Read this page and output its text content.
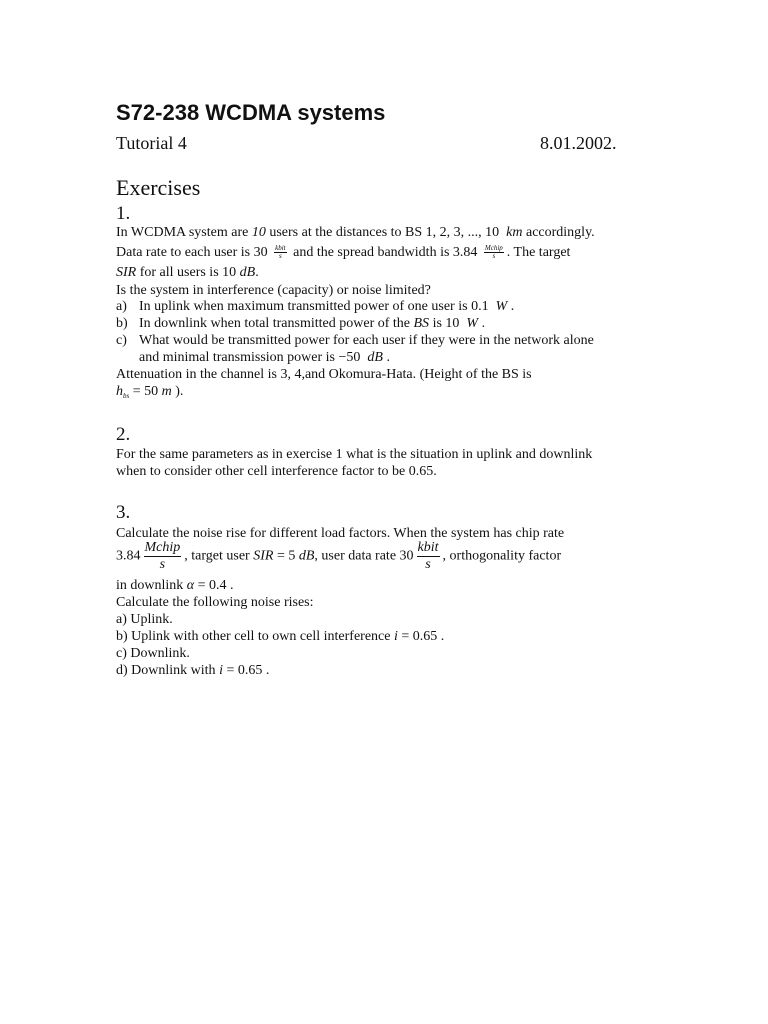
S72-238 WCDMA systems
Tutorial 4	8.01.2002.
Exercises
1.
In WCDMA system are 10 users at the distances to BS 1, 2, 3, ..., 10 km accordingly.
Data rate to each user is $30 \frac{\text{kbit}}{s}$ and the spread bandwidth is $3.84 \frac{\text{Mchip}}{s}$ . The target
SIR for all users is 10 dB.
Is the system in interference (capacity) or noise limited?
a) In uplink when maximum transmitted power of one user is 0.1 W .
b) In downlink when total transmitted power of the BS is 10 W .
c) What would be transmitted power for each user if they were in the network alone
and minimal transmission power is −50 dB .
Attenuation in the channel is 3, 4,and Okomura-Hata. (Height of the BS is
$h_{bs} = 50$ m ).
2.
For the same parameters as in exercise 1 what is the situation in uplink and downlink
when to consider other cell interference factor to be 0.65.
3.
Calculate the noise rise for different load factors. When the system has chip rate
$3.84 \frac{\text{Mchip}}{s}$ , target user SIR = 5 dB, user data rate $30 \frac{\text{kbit}}{s}$ , orthogonality factor
in downlink α = 0.4 .
Calculate the following noise rises:
a) Uplink.
b) Uplink with other cell to own cell interference i = 0.65 .
c) Downlink.
d) Downlink with i = 0.65 .
